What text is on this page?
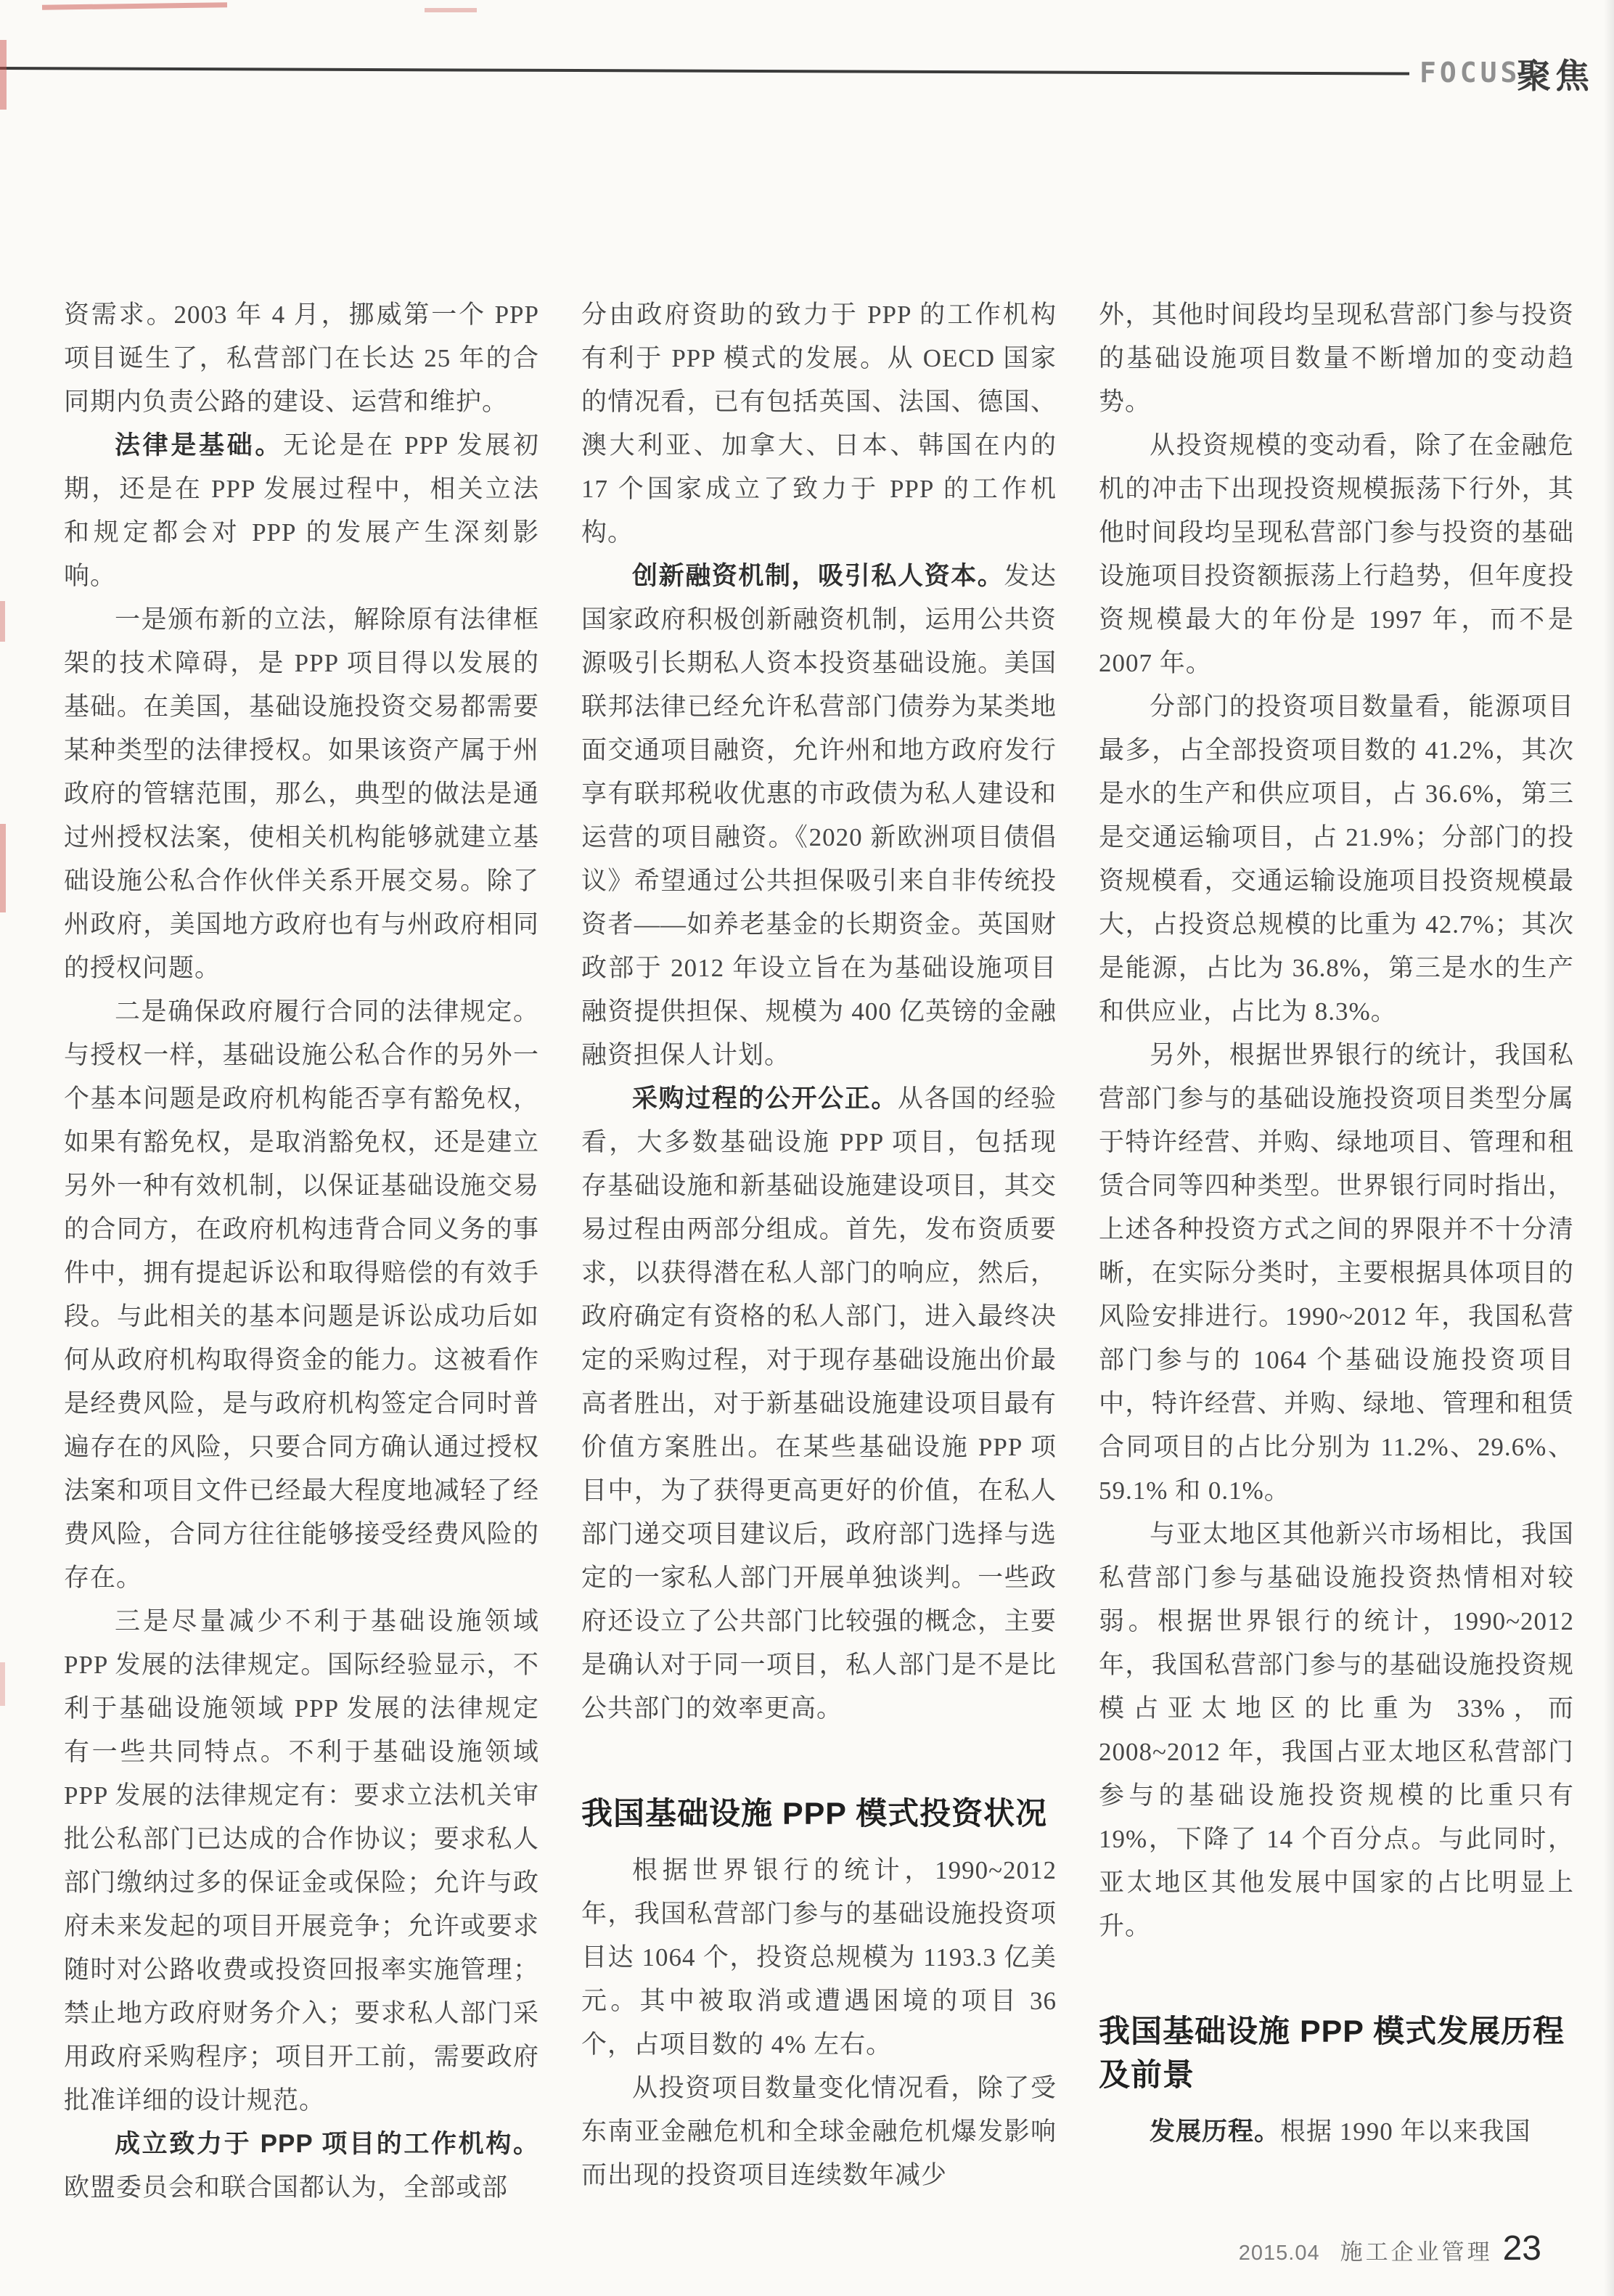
FOCUS
聚焦

资需求。2003 年 4 月，挪威第一个 PPP 项目诞生了，私营部门在长达 25 年的合同期内负责公路的建设、运营和维护。

法律是基础。无论是在 PPP 发展初期，还是在 PPP 发展过程中，相关立法和规定都会对 PPP 的发展产生深刻影响。

一是颁布新的立法，解除原有法律框架的技术障碍，是 PPP 项目得以发展的基础。在美国，基础设施投资交易都需要某种类型的法律授权。如果该资产属于州政府的管辖范围，那么，典型的做法是通过州授权法案，使相关机构能够就建立基础设施公私合作伙伴关系开展交易。除了州政府，美国地方政府也有与州政府相同的授权问题。

二是确保政府履行合同的法律规定。与授权一样，基础设施公私合作的另外一个基本问题是政府机构能否享有豁免权，如果有豁免权，是取消豁免权，还是建立另外一种有效机制，以保证基础设施交易的合同方，在政府机构违背合同义务的事件中，拥有提起诉讼和取得赔偿的有效手段。与此相关的基本问题是诉讼成功后如何从政府机构取得资金的能力。这被看作是经费风险，是与政府机构签定合同时普遍存在的风险，只要合同方确认通过授权法案和项目文件已经最大程度地减轻了经费风险，合同方往往能够接受经费风险的存在。

三是尽量减少不利于基础设施领域 PPP 发展的法律规定。国际经验显示，不利于基础设施领域 PPP 发展的法律规定有一些共同特点。不利于基础设施领域 PPP 发展的法律规定有：要求立法机关审批公私部门已达成的合作协议；要求私人部门缴纳过多的保证金或保险；允许与政府未来发起的项目开展竞争；允许或要求随时对公路收费或投资回报率实施管理；禁止地方政府财务介入；要求私人部门采用政府采购程序；项目开工前，需要政府批准详细的设计规范。

成立致力于 PPP 项目的工作机构。欧盟委员会和联合国都认为，全部或部

分由政府资助的致力于 PPP 的工作机构有利于 PPP 模式的发展。从 OECD 国家的情况看，已有包括英国、法国、德国、澳大利亚、加拿大、日本、韩国在内的 17 个国家成立了致力于 PPP 的工作机构。

创新融资机制，吸引私人资本。发达国家政府积极创新融资机制，运用公共资源吸引长期私人资本投资基础设施。美国联邦法律已经允许私营部门债券为某类地面交通项目融资，允许州和地方政府发行享有联邦税收优惠的市政债为私人建设和运营的项目融资。《2020 新欧洲项目债倡议》希望通过公共担保吸引来自非传统投资者——如养老基金的长期资金。英国财政部于 2012 年设立旨在为基础设施项目融资提供担保、规模为 400 亿英镑的金融融资担保人计划。

采购过程的公开公正。从各国的经验看，大多数基础设施 PPP 项目，包括现存基础设施和新基础设施建设项目，其交易过程由两部分组成。首先，发布资质要求，以获得潜在私人部门的响应，然后，政府确定有资格的私人部门，进入最终决定的采购过程，对于现存基础设施出价最高者胜出，对于新基础设施建设项目最有价值方案胜出。在某些基础设施 PPP 项目中，为了获得更高更好的价值，在私人部门递交项目建议后，政府部门选择与选定的一家私人部门开展单独谈判。一些政府还设立了公共部门比较强的概念，主要是确认对于同一项目，私人部门是不是比公共部门的效率更高。

我国基础设施 PPP 模式投资状况

根据世界银行的统计，1990~2012 年，我国私营部门参与的基础设施投资项目达 1064 个，投资总规模为 1193.3 亿美元。其中被取消或遭遇困境的项目 36 个，占项目数的 4% 左右。

从投资项目数量变化情况看，除了受东南亚金融危机和全球金融危机爆发影响而出现的投资项目连续数年减少

外，其他时间段均呈现私营部门参与投资的基础设施项目数量不断增加的变动趋势。

从投资规模的变动看，除了在金融危机的冲击下出现投资规模振荡下行外，其他时间段均呈现私营部门参与投资的基础设施项目投资额振荡上行趋势，但年度投资规模最大的年份是 1997 年，而不是 2007 年。

分部门的投资项目数量看，能源项目最多，占全部投资项目数的 41.2%，其次是水的生产和供应项目，占 36.6%，第三是交通运输项目，占 21.9%；分部门的投资规模看，交通运输设施项目投资规模最大，占投资总规模的比重为 42.7%；其次是能源，占比为 36.8%，第三是水的生产和供应业，占比为 8.3%。

另外，根据世界银行的统计，我国私营部门参与的基础设施投资项目类型分属于特许经营、并购、绿地项目、管理和租赁合同等四种类型。世界银行同时指出，上述各种投资方式之间的界限并不十分清晰，在实际分类时，主要根据具体项目的风险安排进行。1990~2012 年，我国私营部门参与的 1064 个基础设施投资项目中，特许经营、并购、绿地、管理和租赁合同项目的占比分别为 11.2%、29.6%、59.1% 和 0.1%。

与亚太地区其他新兴市场相比，我国私营部门参与基础设施投资热情相对较弱。根据世界银行的统计，1990~2012 年，我国私营部门参与的基础设施投资规模占亚太地区的比重为 33%，而 2008~2012 年，我国占亚太地区私营部门参与的基础设施投资规模的比重只有 19%，下降了 14 个百分点。与此同时，亚太地区其他发展中国家的占比明显上升。

我国基础设施 PPP 模式发展历程
及前景

发展历程。根据 1990 年以来我国

2015.04 施工企业管理 23
